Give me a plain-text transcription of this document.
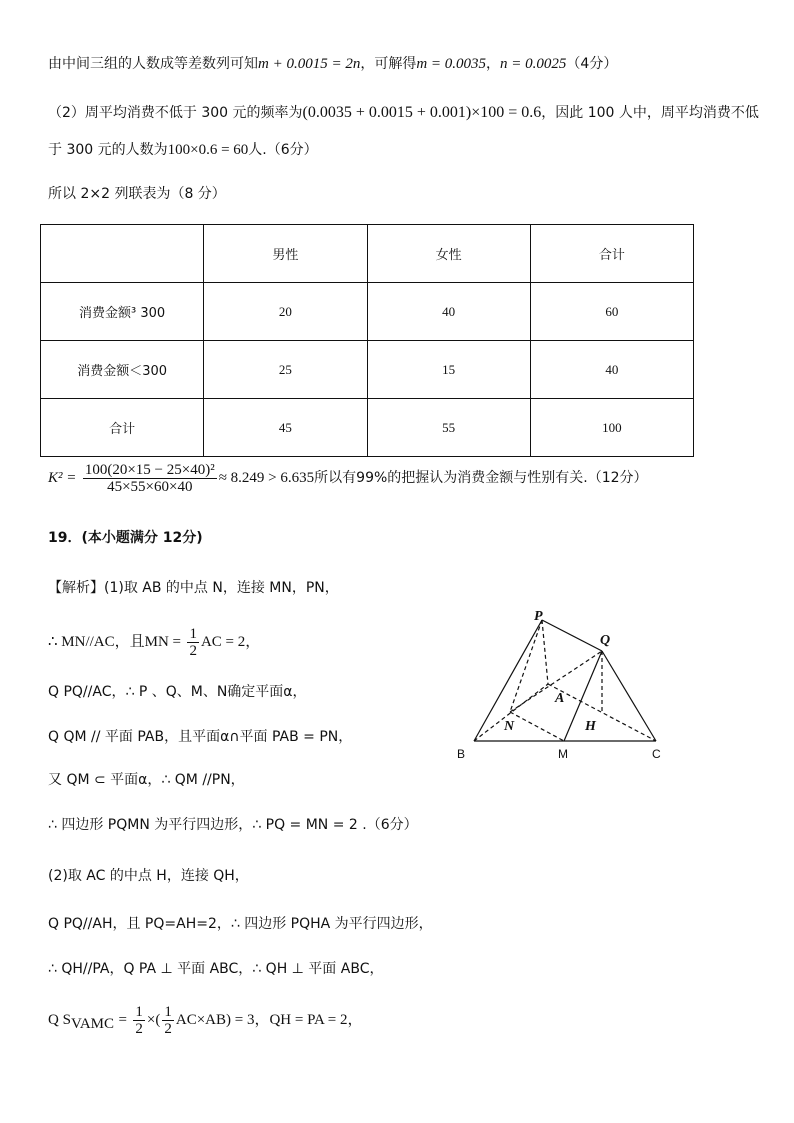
由中间三组的人数成等差数列可知m + 0.0015 = 2n，可解得m = 0.0035，n = 0.0025（4分）
（2）周平均消费不低于 300 元的频率为(0.0035 + 0.0015 + 0.001)×100 = 0.6，因此 100 人中，周平均消费不低
于 300 元的人数为100×0.6 = 60人.（6分）
所以 2×2 列联表为（8 分）
	男性	女性	合计
消费金额³ 300	20	40	60
消费金额＜300	25	15	40
合计	45	55	100
$K^2 = \frac{\text{100(20×15 − 25×40)²}}{45\times 55\times 60\times 40} \approx 8.249 > 6.635$所以有99%的把握认为消费金额与性别有关.（12分）
19．(本小题满分 12分)
【解析】(1)取 AB 的中点 N，连接 MN，PN，
∴ MN//AC，且MN = $\frac{1}{2}$ AC = 2，
Q PQ//AC，∴ P 、Q、M、N确定平面α，
Q QM // 平面 PAB，且平面α∩平面 PAB = PN，
又 QM ⊂ 平面α，∴ QM //PN，
∴ 四边形 PQMN 为平行四边形，∴ PQ = MN = 2 .（6分）
(2)取 AC 的中点 H，连接 QH，
Q PQ//AH，且 PQ=AH=2，∴ 四边形 PQHA 为平行四边形，
∴ QH//PA，Q PA ⊥ 平面 ABC，∴ QH ⊥ 平面 ABC，
Q $S_{VAMC} = \frac{1}{2}$ ×( $\frac{1}{2} AC\times AB) = 3$，QH = PA = 2，
P
Q
A
N	H
B	M	C
